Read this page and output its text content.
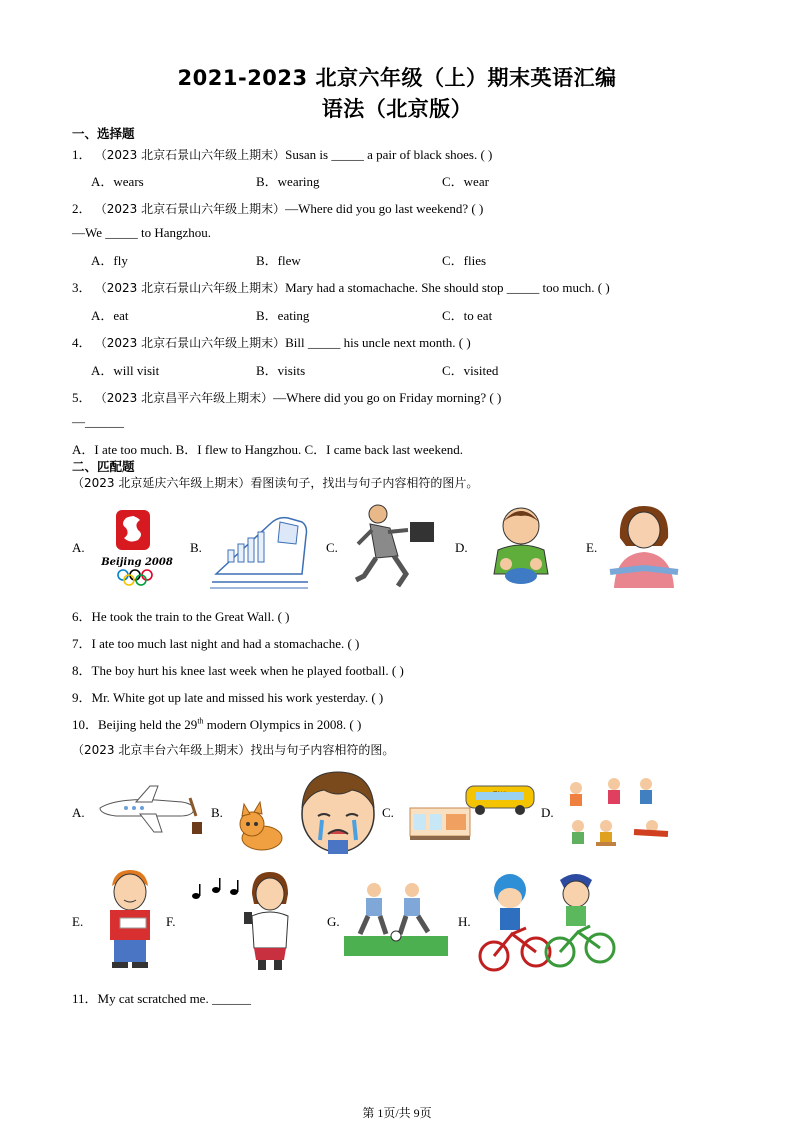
2021-2023 北京六年级（上）期末英语汇编
语法（北京版）
一、选择题
1． （2023 北京石景山六年级上期末）Susan is _____ a pair of black shoes. ( )
A．wears	B．wearing	C．wear
2． （2023 北京石景山六年级上期末）—Where did you go last weekend? ( )
—We _____ to Hangzhou.
A．fly	B．flew	C．flies
3． （2023 北京石景山六年级上期末）Mary had a stomachache. She should stop _____ too much. ( )
A．eat	B．eating	C．to eat
4． （2023 北京石景山六年级上期末）Bill _____ his uncle next month. ( )
A．will visit	B．visits	C．visited
5． （2023 北京昌平六年级上期末）—Where did you go on Friday morning? ( )
—______
A．I ate too much. B．I flew to Hangzhou. C．I came back last weekend.
二、匹配题
（2023 北京延庆六年级上期末）看图读句子，找出与句子内容相符的图片。
A.
Beijing 2008
B.	C.	D.	E.
6．He took the train to the Great Wall. ( )
7．I ate too much last night and had a stomachache. ( )
8．The boy hurt his knee last week when he played football. ( )
9．Mr. White got up late and missed his work yesterday. ( )
10．Beijing held the 29th modern Olympics in 2008. ( )
（2023 北京丰台六年级上期末）找出与句子内容相符的图。
A.	B.	C.	D.
E.	F.	G.	H.
11．My cat scratched me. ______
第 1页/共 9页
